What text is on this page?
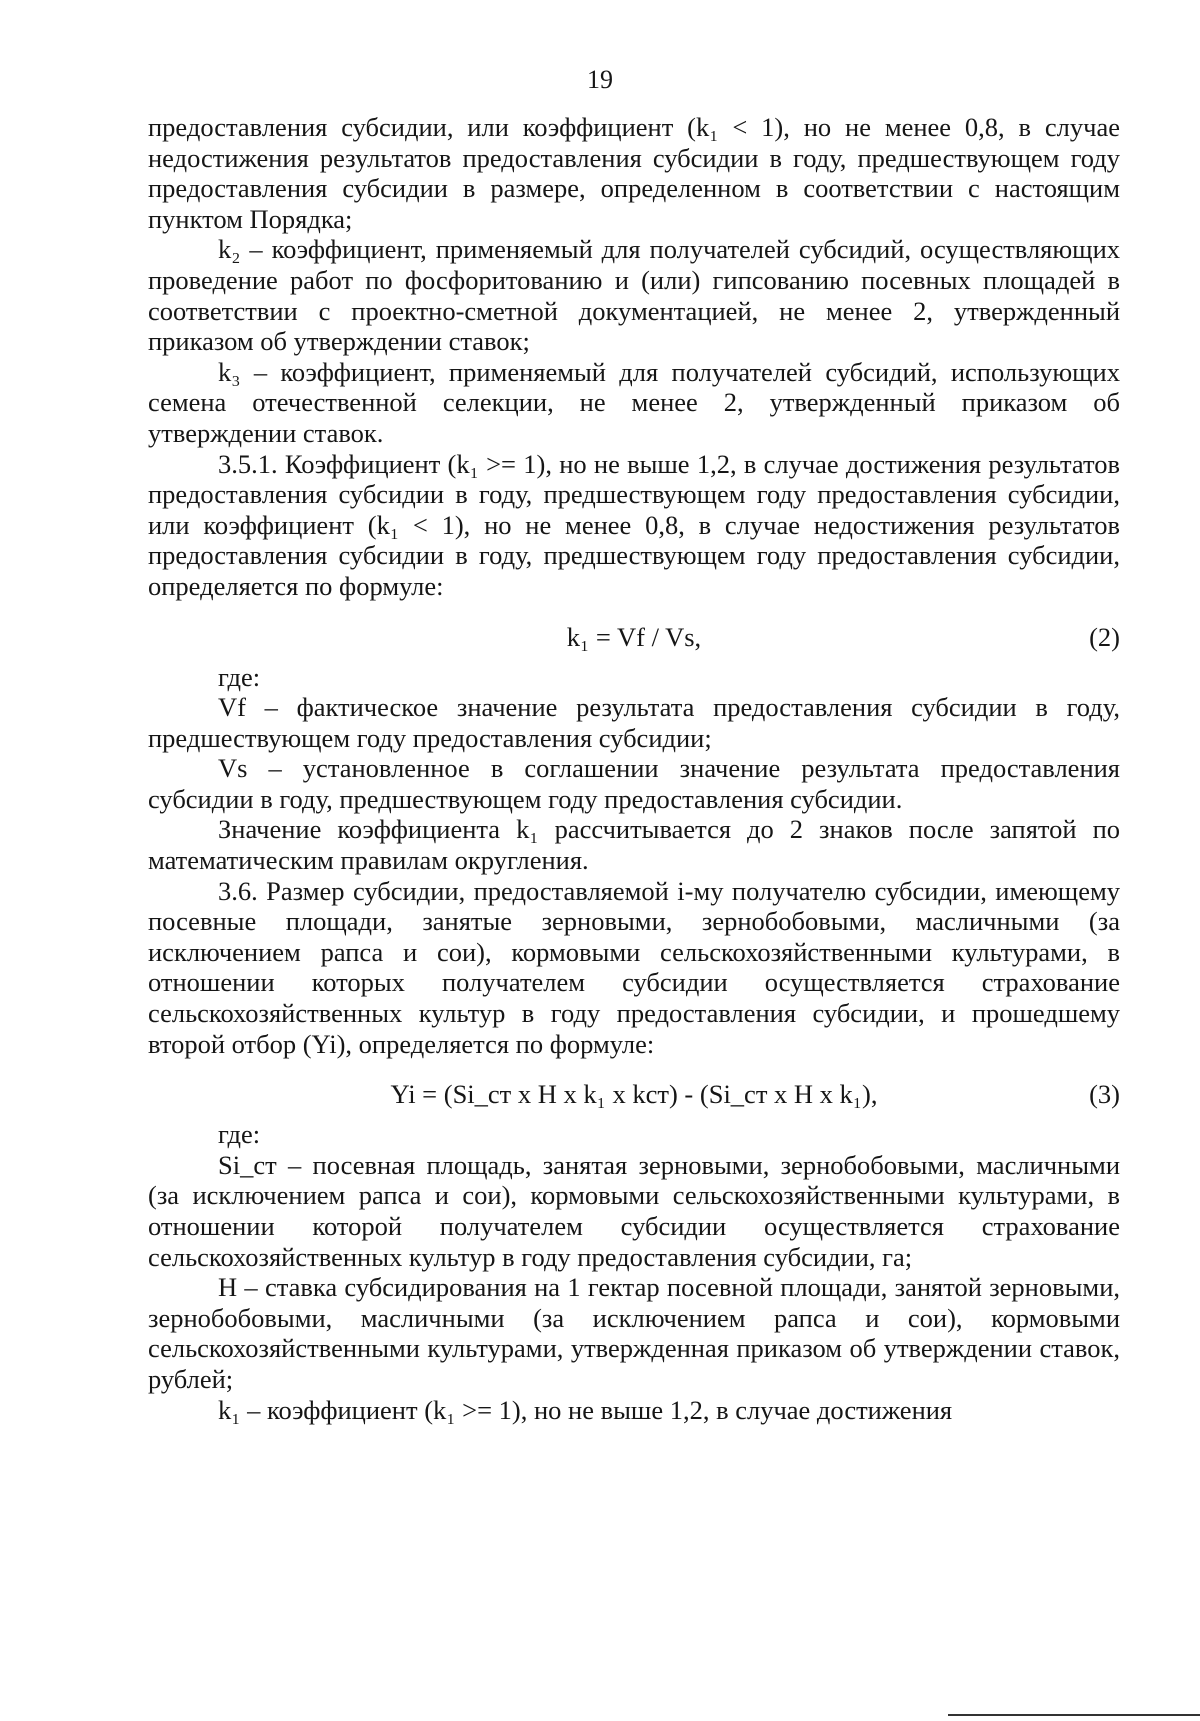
19

предоставления субсидии, или коэффициент (k₁ < 1), но не менее 0,8, в случае недостижения результатов предоставления субсидии в году, предшествующем году предоставления субсидии в размере, определенном в соответствии с настоящим пунктом Порядка;

k₂ – коэффициент, применяемый для получателей субсидий, осуществляющих проведение работ по фосфоритованию и (или) гипсованию посевных площадей в соответствии с проектно-сметной документацией, не менее 2, утвержденный приказом об утверждении ставок;

k₃ – коэффициент, применяемый для получателей субсидий, использующих семена отечественной селекции, не менее 2, утвержденный приказом об утверждении ставок.

3.5.1. Коэффициент (k₁ >= 1), но не выше 1,2, в случае достижения результатов предоставления субсидии в году, предшествующем году предоставления субсидии, или коэффициент (k₁ < 1), но не менее 0,8, в случае недостижения результатов предоставления субсидии в году, предшествующем году предоставления субсидии, определяется по формуле:

k₁ = Vf / Vs,	(2)

где:

Vf – фактическое значение результата предоставления субсидии в году, предшествующем году предоставления субсидии;

Vs – установленное в соглашении значение результата предоставления субсидии в году, предшествующем году предоставления субсидии.

Значение коэффициента k₁ рассчитывается до 2 знаков после запятой по математическим правилам округления.

3.6. Размер субсидии, предоставляемой i-му получателю субсидии, имеющему посевные площади, занятые зерновыми, зернобобовыми, масличными (за исключением рапса и сои), кормовыми сельскохозяйственными культурами, в отношении которых получателем субсидии осуществляется страхование сельскохозяйственных культур в году предоставления субсидии, и прошедшему второй отбор (Yi), определяется по формуле:

Yi = (Si_ст х Н х k₁ х kст) - (Si_ст х Н х k₁),	(3)

где:

Si_ст – посевная площадь, занятая зерновыми, зернобобовыми, масличными (за исключением рапса и сои), кормовыми сельскохозяйственными культурами, в отношении которой получателем субсидии осуществляется страхование сельскохозяйственных культур в году предоставления субсидии, га;

Н – ставка субсидирования на 1 гектар посевной площади, занятой зерновыми, зернобобовыми, масличными (за исключением рапса и сои), кормовыми сельскохозяйственными культурами, утвержденная приказом об утверждении ставок, рублей;

k₁ – коэффициент (k₁ >= 1), но не выше 1,2, в случае достижения
